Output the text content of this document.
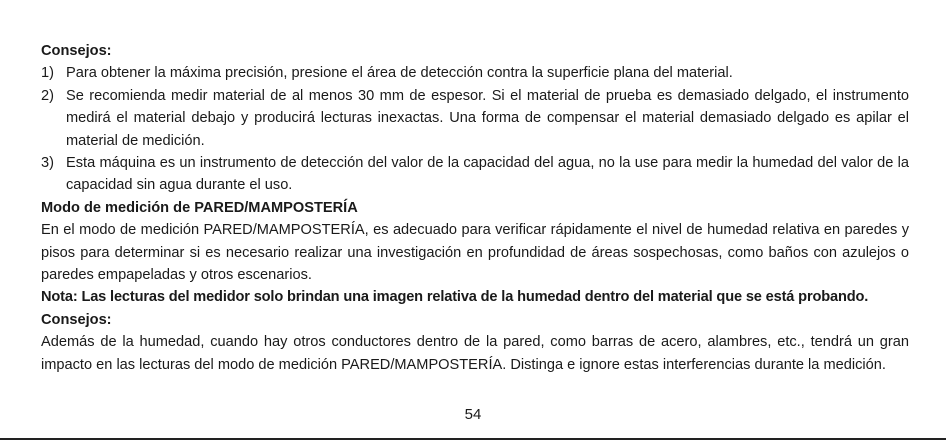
Consejos:

1) Para obtener la máxima precisión, presione el área de detección contra la superficie plana del material.
2) Se recomienda medir material de al menos 30 mm de espesor. Si el material de prueba es demasiado delgado, el instrumento medirá el material debajo y producirá lecturas inexactas. Una forma de compensar el material demasiado delgado es apilar el material de medición.
3) Esta máquina es un instrumento de detección del valor de la capacidad del agua, no la use para medir la humedad del valor de la capacidad sin agua durante el uso.

Modo de medición de PARED/MAMPOSTERÍA

En el modo de medición PARED/MAMPOSTERÍA, es adecuado para verificar rápidamente el nivel de humedad relativa en paredes y pisos para determinar si es necesario realizar una investigación en profundidad de áreas sospechosas, como baños con azulejos o paredes empapeladas y otros escenarios.

Nota: Las lecturas del medidor solo brindan una imagen relativa de la humedad dentro del material que se está probando.

Consejos:

Además de la humedad, cuando hay otros conductores dentro de la pared, como barras de acero, alambres, etc., tendrá un gran impacto en las lecturas del modo de medición PARED/MAMPOSTERÍA. Distinga e ignore estas interferencias durante la medición.

54
